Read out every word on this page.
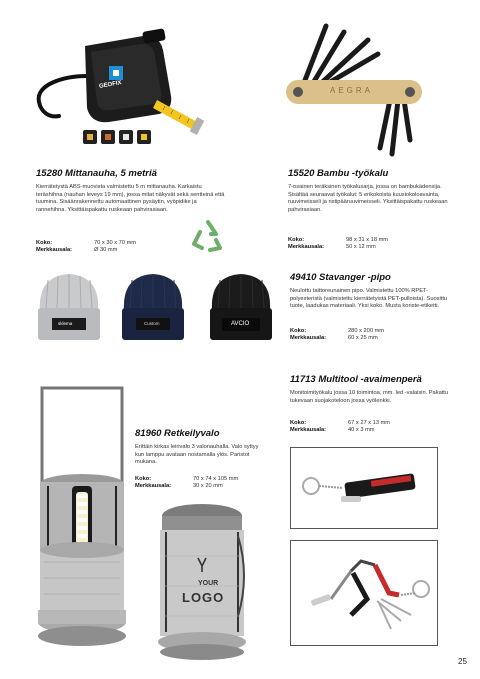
GEOFIX
AEGRA
15280 Mittanauha, 5 metriä
Kierrätetystä ABS-muovista valmistettu 5 m mittanauha. Karkaistu teräshihna (nauhan leveys 19 mm), jossa mitat näkyvät sekä sentteinä että tuumina. Sisäänrakennettu automaattinen pysäytin, vyöpidike ja rannehihna. Yksittäispakattu ruskeaan pahvirasiaan.
Koko:	70 x 30 x 70 mm
Merkkausala:	Ø 30 mm
15520 Bambu -työkalu
7-osainen teräksinen työkalusarja, jossa on bambukädensija. Sisältää seuraavat työkalut: 5 erikokoista kuusiokoloavainta, ruuvimeisseli ja ristipääruuvimeisseli. Yksittäispakattu ruskeaan pahvirasiaan.
Koko:	98 x 31 x 18 mm
Merkkausala:	50 x 12 mm
sklema	Custom	AVCIO
49410 Stavanger -pipo
Neulottu taittoreunainen pipo. Valmistettu 100% RPET-polyesteristä (valmistettu kierrätetyistä PET-pulloista). Suosittu tuote, laadukas materiaali. Yksi koko. Musta koriste-etiketti.
Koko:	280 x 200 mm
Merkkausala:	60 x 25 mm
11713 Multitool -avaimenperä
Monitoimityökalu jossa 10 toimintoa, mm. led -valaisin. Pakattu tukevaan suojakoteloon jossa vyölenkki.
Koko:	67 x 27 x 13 mm
Merkkausala:	40 x 3 mm
YOUR
LOGO
81960 Retkeilyvalo
Erittäin kirkas leirivalo 3 valonauhalla. Valo syttyy kun lamppu avataan nostamalla ylös. Paristot mukana.
Koko:	70 x 74 x 105 mm
Merkkausala:	30 x 20 mm
25
